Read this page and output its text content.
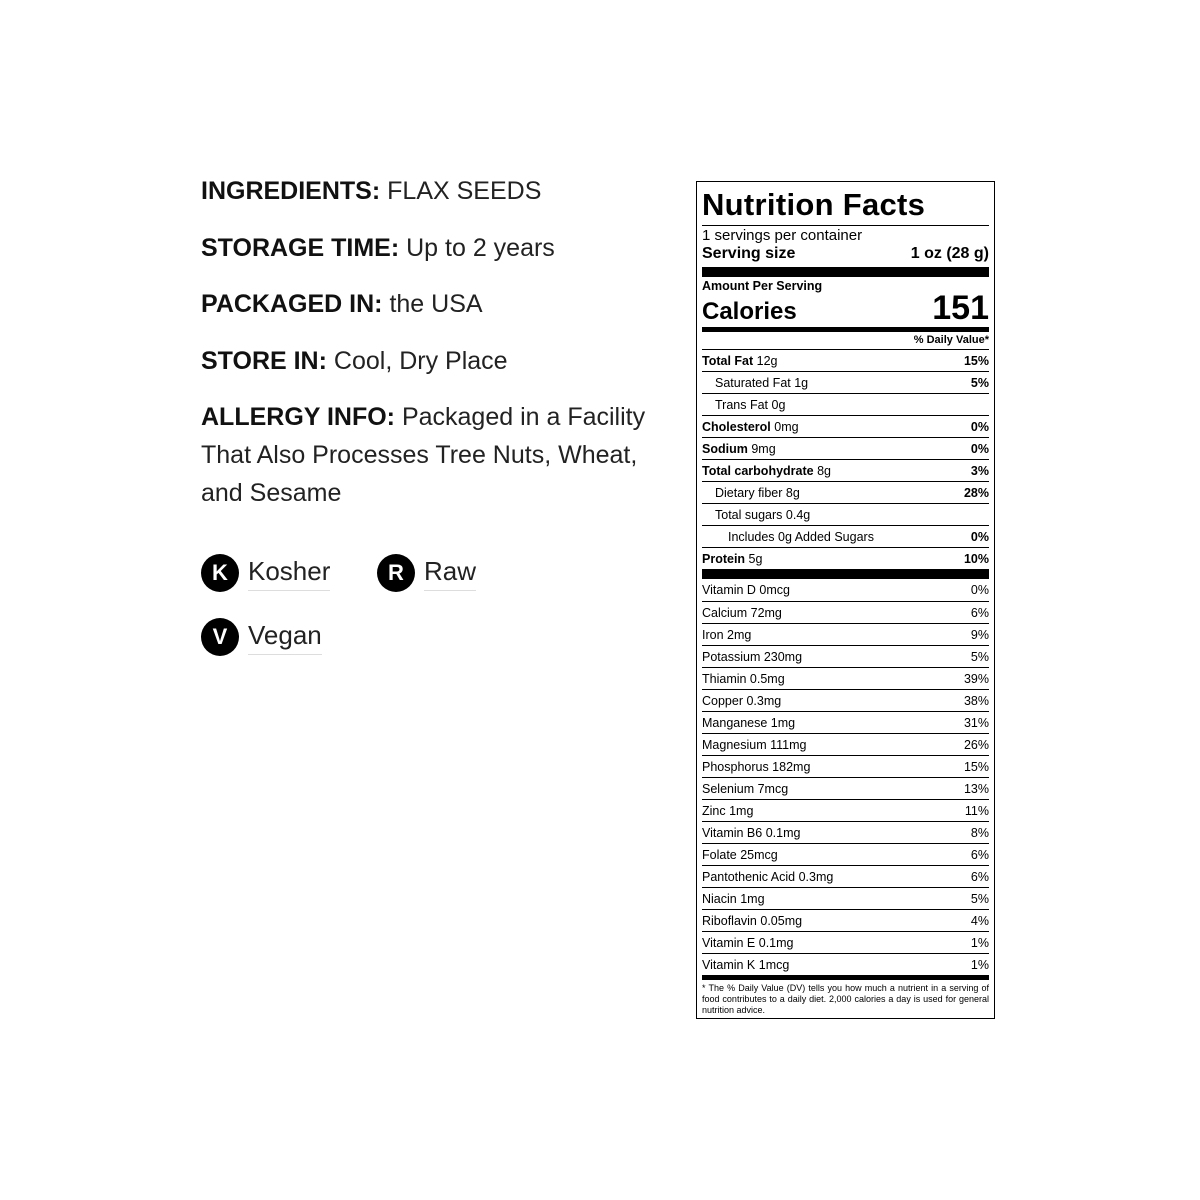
INGREDIENTS: FLAX SEEDS

STORAGE TIME: Up to 2 years

PACKAGED IN: the USA

STORE IN: Cool, Dry Place

ALLERGY INFO: Packaged in a Facility That Also Processes Tree Nuts, Wheat, and Sesame

K Kosher	R Raw
V Vegan
Nutrition Facts
1 servings per container
Serving size	1 oz (28 g)
Amount Per Serving
Calories	151
% Daily Value*
Total Fat 12g	15%
Saturated Fat 1g	5%
Trans Fat 0g
Cholesterol 0mg	0%
Sodium 9mg	0%
Total carbohydrate 8g	3%
Dietary fiber 8g	28%
Total sugars 0.4g
Includes 0g Added Sugars	0%
Protein 5g	10%
Vitamin D 0mcg	0%
Calcium 72mg	6%
Iron 2mg	9%
Potassium 230mg	5%
Thiamin 0.5mg	39%
Copper 0.3mg	38%
Manganese 1mg	31%
Magnesium 111mg	26%
Phosphorus 182mg	15%
Selenium 7mcg	13%
Zinc 1mg	11%
Vitamin B6 0.1mg	8%
Folate 25mcg	6%
Pantothenic Acid 0.3mg	6%
Niacin 1mg	5%
Riboflavin 0.05mg	4%
Vitamin E 0.1mg	1%
Vitamin K 1mcg	1%
* The % Daily Value (DV) tells you how much a nutrient in a serving of food contributes to a daily diet. 2,000 calories a day is used for general nutrition advice.
